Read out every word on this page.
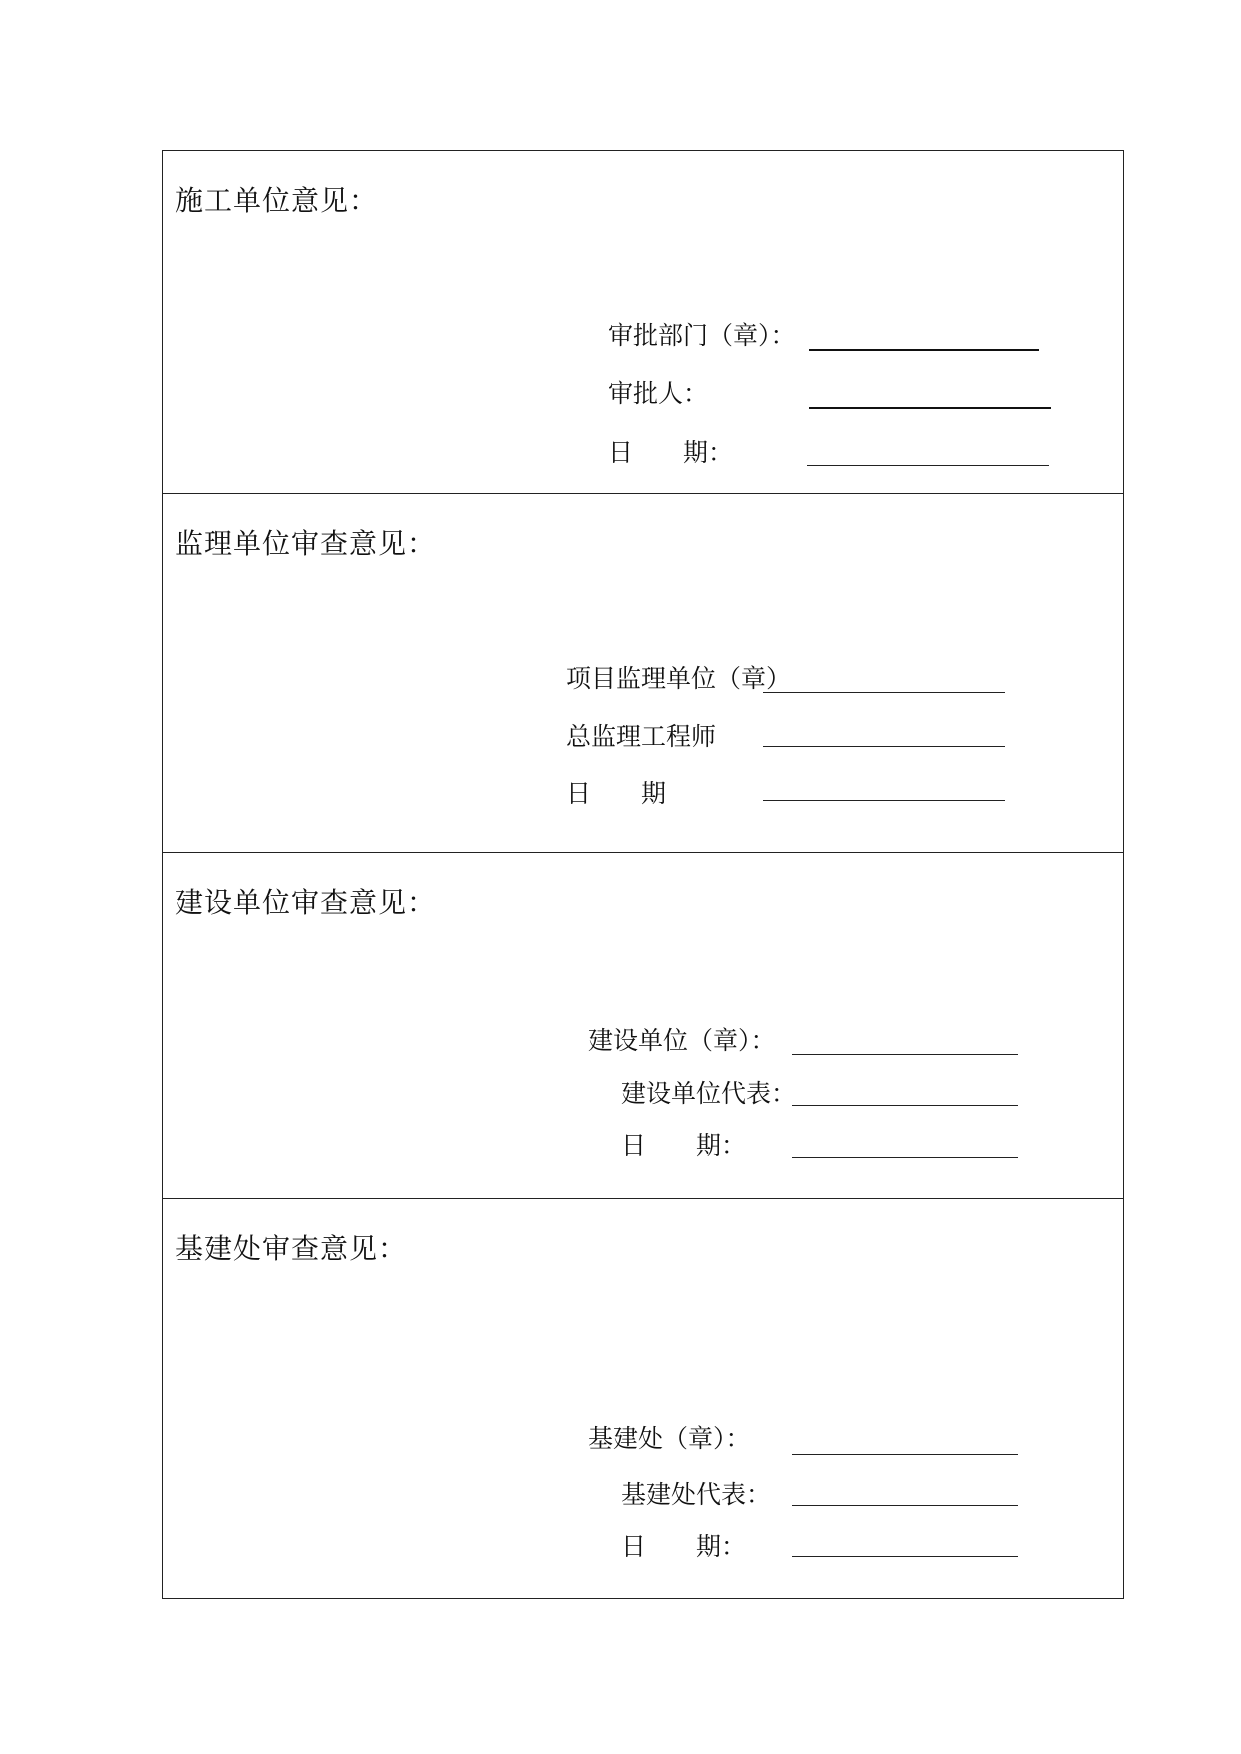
施工单位意见：
审批部门（章）：
审批人：
日　　期：
监理单位审查意见：
项目监理单位（章）
总监理工程师
日　　期
建设单位审查意见：
建设单位（章）：
建设单位代表：
日　　期：
基建处审查意见：
基建处（章）：
基建处代表：
日　　期：
